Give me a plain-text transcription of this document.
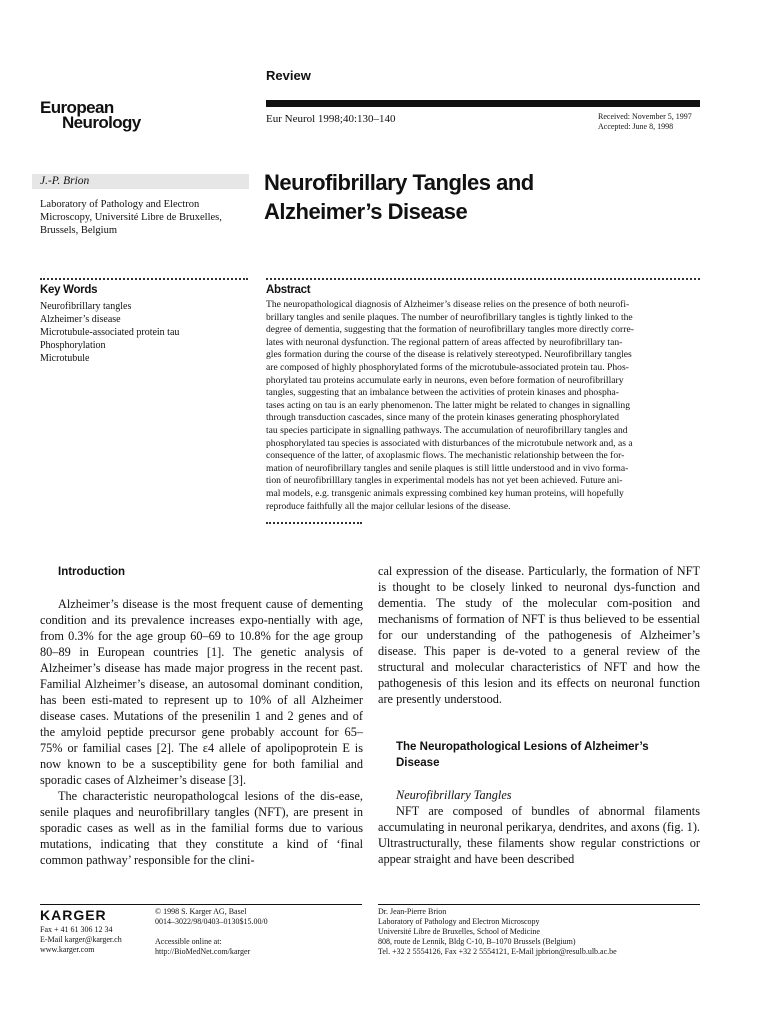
Review
European
Neurology	Eur Neurol 1998;40:130–140	Received: November 5, 1997
Accepted: June 8, 1998
J.-P. Brion
Laboratory of Pathology and Electron
Microscopy, Université Libre de Bruxelles,
Brussels, Belgium
Neurofibrillary Tangles and
Alzheimer’s Disease
Key Words
Neurofibrillary tangles
Alzheimer’s disease
Microtubule-associated protein tau
Phosphorylation
Microtubule
Abstract
The neuropathological diagnosis of Alzheimer’s disease relies on the presence of both neurofi-
brillary tangles and senile plaques. The number of neurofibrillary tangles is tightly linked to the
degree of dementia, suggesting that the formation of neurofibrillary tangles more directly corre-
lates with neuronal dysfunction. The regional pattern of areas affected by neurofibrillary tan-
gles formation during the course of the disease is relatively stereotyped. Neurofibrillary tangles
are composed of highly phosphorylated forms of the microtubule-associated protein tau. Phos-
phorylated tau proteins accumulate early in neurons, even before formation of neurofibrillary
tangles, suggesting that an imbalance between the activities of protein kinases and phospha-
tases acting on tau is an early phenomenon. The latter might be related to changes in signalling
through transduction cascades, since many of the protein kinases generating phosphorylated
tau species participate in signalling pathways. The accumulation of neurofibrillary tangles and
phosphorylated tau species is associated with disturbances of the microtubule network and, as a
consequence of the latter, of axoplasmic flows. The mechanistic relationship between the for-
mation of neurofibrillary tangles and senile plaques is still little understood and in vivo forma-
tion of neurofibrilllary tangles in experimental models has not yet been achieved. Future ani-
mal models, e.g. transgenic animals expressing combined key human proteins, will hopefully
reproduce faithfully all the major cellular lesions of the disease.
Introduction

Alzheimer’s disease is the most frequent cause of dementing condition and its prevalence increases expo-nentially with age, from 0.3% for the age group 60–69 to 10.8% for the age group 80–89 in European countries [1]. The genetic analysis of Alzheimer’s disease has made major progress in the recent past. Familial Alzheimer’s disease, an autosomal dominant condition, has been esti-mated to represent up to 10% of all Alzheimer disease cases. Mutations of the presenilin 1 and 2 genes and of the amyloid peptide precursor gene probably account for 65–75% or familial cases [2]. The ε4 allele of apolipoprotein E is now known to be a susceptibility gene for both familial and sporadic cases of Alzheimer’s disease [3].

The characteristic neuropathologcal lesions of the dis-ease, senile plaques and neurofibrillary tangles (NFT), are present in sporadic cases as well as in the familial forms due to various mutations, indicating that they constitute a kind of ‘final common pathway’ responsible for the clini-

cal expression of the disease. Particularly, the formation of NFT is thought to be closely linked to neuronal dys-function and dementia. The study of the molecular com-position and mechanisms of formation of NFT is thus believed to be essential for our understanding of the pathogenesis of Alzheimer’s disease. This paper is de-voted to a general review of the structural and molecular characteristics of NFT and how the pathogenesis of this lesion and its effects on neuronal function are presently understood.

The Neuropathological Lesions of Alzheimer’s Disease
Neurofibrillary Tangles

NFT are composed of bundles of abnormal filaments accumulating in neuronal perikarya, dendrites, and axons (fig. 1). Ultrastructurally, these filaments show regular constrictions or appear straight and have been described

KARGER
Fax + 41 61 306 12 34
E-Mail karger@karger.ch
www.karger.com
© 1998 S. Karger AG, Basel
0014–3022/98/0403–0130$15.00/0
Accessible online at:
http://BioMedNet.com/karger
Dr. Jean-Pierre Brion
Laboratory of Pathology and Electron Microscopy
Université Libre de Bruxelles, School of Medicine
808, route de Lennik, Bldg C-10, B–1070 Brussels (Belgium)
Tel. +32 2 5554126, Fax +32 2 5554121, E-Mail jpbrion@resulb.ulb.ac.be
